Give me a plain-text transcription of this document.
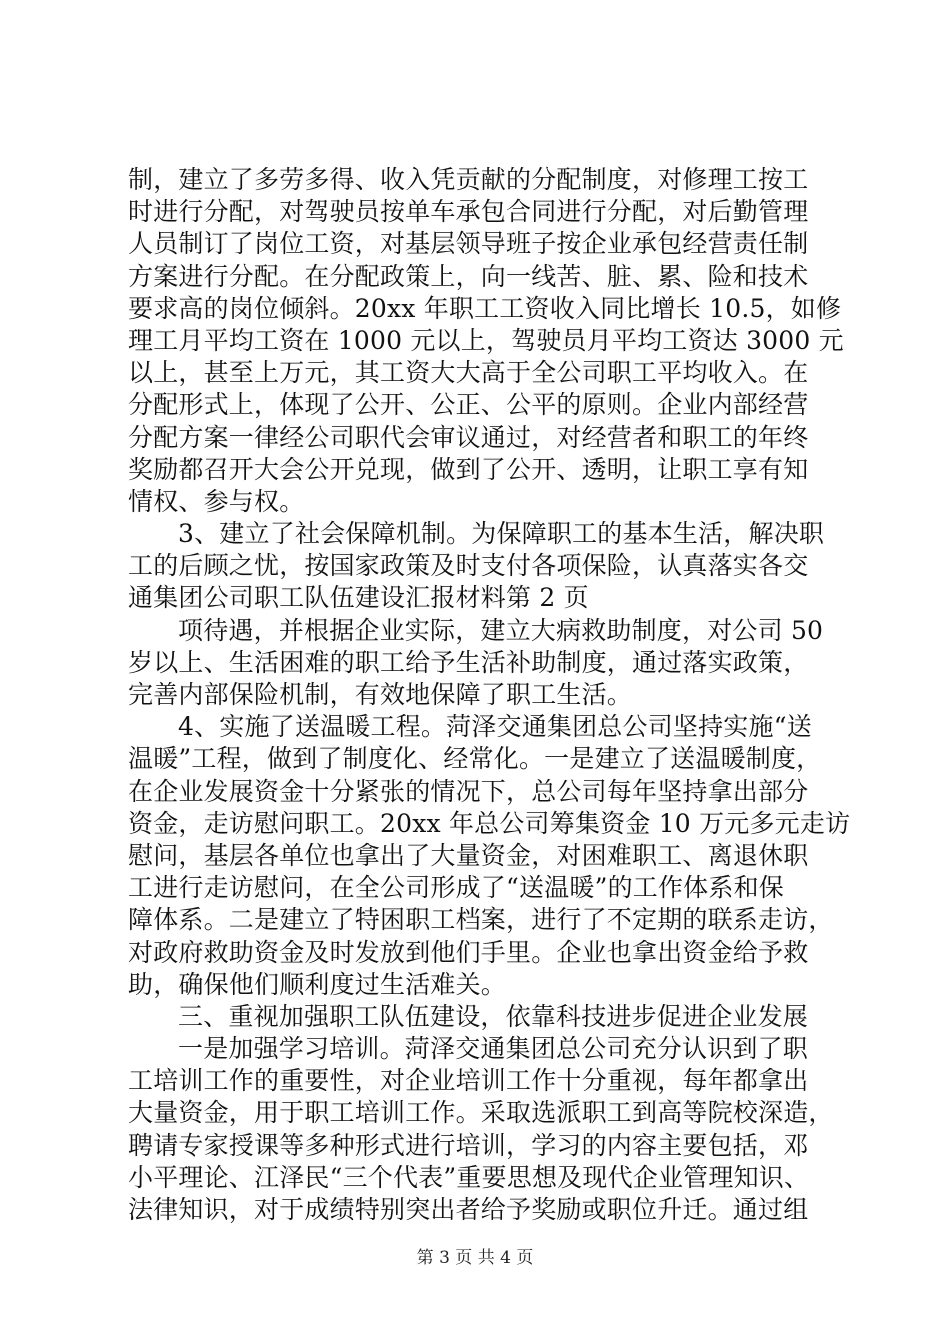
制，建立了多劳多得、收入凭贡献的分配制度，对修理工按工
时进行分配，对驾驶员按单车承包合同进行分配，对后勤管理
人员制订了岗位工资，对基层领导班子按企业承包经营责任制
方案进行分配。在分配政策上，向一线苦、脏、累、险和技术
要求高的岗位倾斜。20xx 年职工工资收入同比增长 10.5，如修
理工月平均工资在 1000 元以上，驾驶员月平均工资达 3000 元
以上，甚至上万元，其工资大大高于全公司职工平均收入。在
分配形式上，体现了公开、公正、公平的原则。企业内部经营
分配方案一律经公司职代会审议通过，对经营者和职工的年终
奖励都召开大会公开兑现，做到了公开、透明，让职工享有知
情权、参与权。
3、建立了社会保障机制。为保障职工的基本生活，解决职
工的后顾之忧，按国家政策及时支付各项保险，认真落实各交
通集团公司职工队伍建设汇报材料第 2 页
项待遇，并根据企业实际，建立大病救助制度，对公司 50
岁以上、生活困难的职工给予生活补助制度，通过落实政策，
完善内部保险机制，有效地保障了职工生活。
4、实施了送温暖工程。菏泽交通集团总公司坚持实施“送
温暖”工程，做到了制度化、经常化。一是建立了送温暖制度，
在企业发展资金十分紧张的情况下，总公司每年坚持拿出部分
资金，走访慰问职工。20xx 年总公司筹集资金 10 万元多元走访
慰问，基层各单位也拿出了大量资金，对困难职工、离退休职
工进行走访慰问，在全公司形成了“送温暖”的工作体系和保
障体系。二是建立了特困职工档案，进行了不定期的联系走访，
对政府救助资金及时发放到他们手里。企业也拿出资金给予救
助，确保他们顺利度过生活难关。
三、重视加强职工队伍建设，依靠科技进步促进企业发展
一是加强学习培训。菏泽交通集团总公司充分认识到了职
工培训工作的重要性，对企业培训工作十分重视，每年都拿出
大量资金，用于职工培训工作。采取选派职工到高等院校深造，
聘请专家授课等多种形式进行培训，学习的内容主要包括，邓
小平理论、江泽民“三个代表”重要思想及现代企业管理知识、
法律知识，对于成绩特别突出者给予奖励或职位升迁。通过组
第 3 页 共 4 页
